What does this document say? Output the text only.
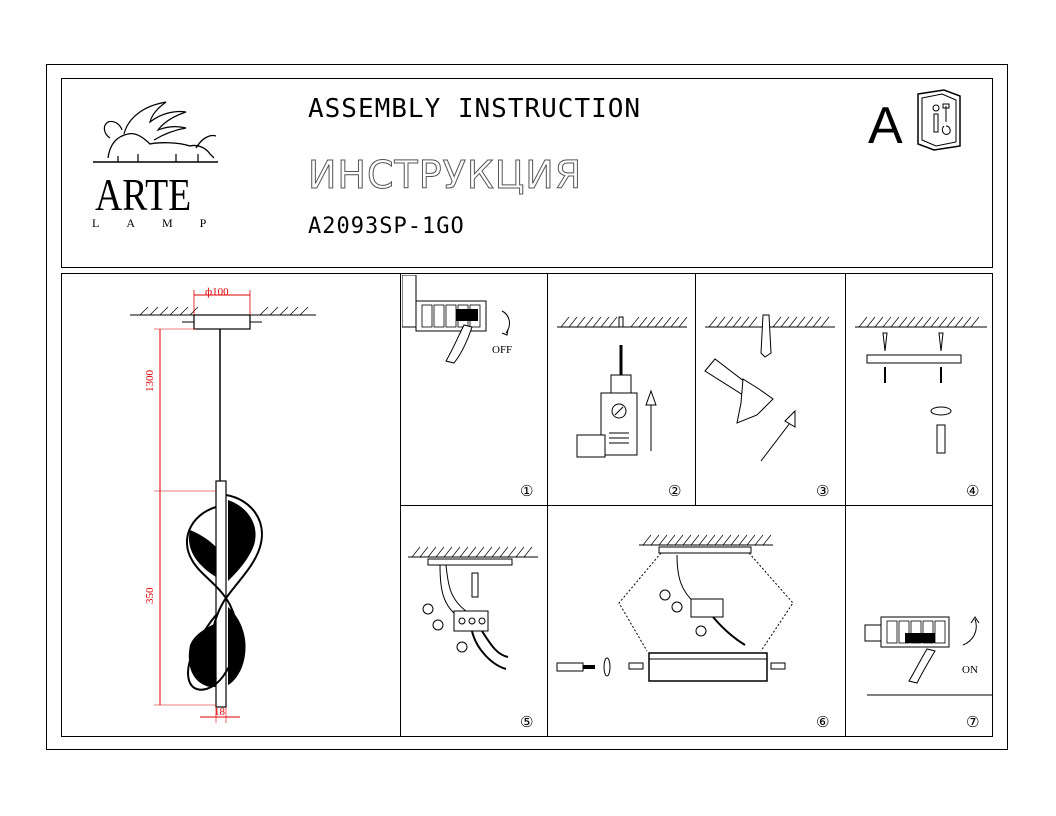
ARTE
LAMP
ASSEMBLY INSTRUCTION
ИНСТРУКЦИЯ
A2093SP-1GO
A
ф100
1300
350
18
OFF
①	②	③	④
⑤	⑥
ON
⑦
